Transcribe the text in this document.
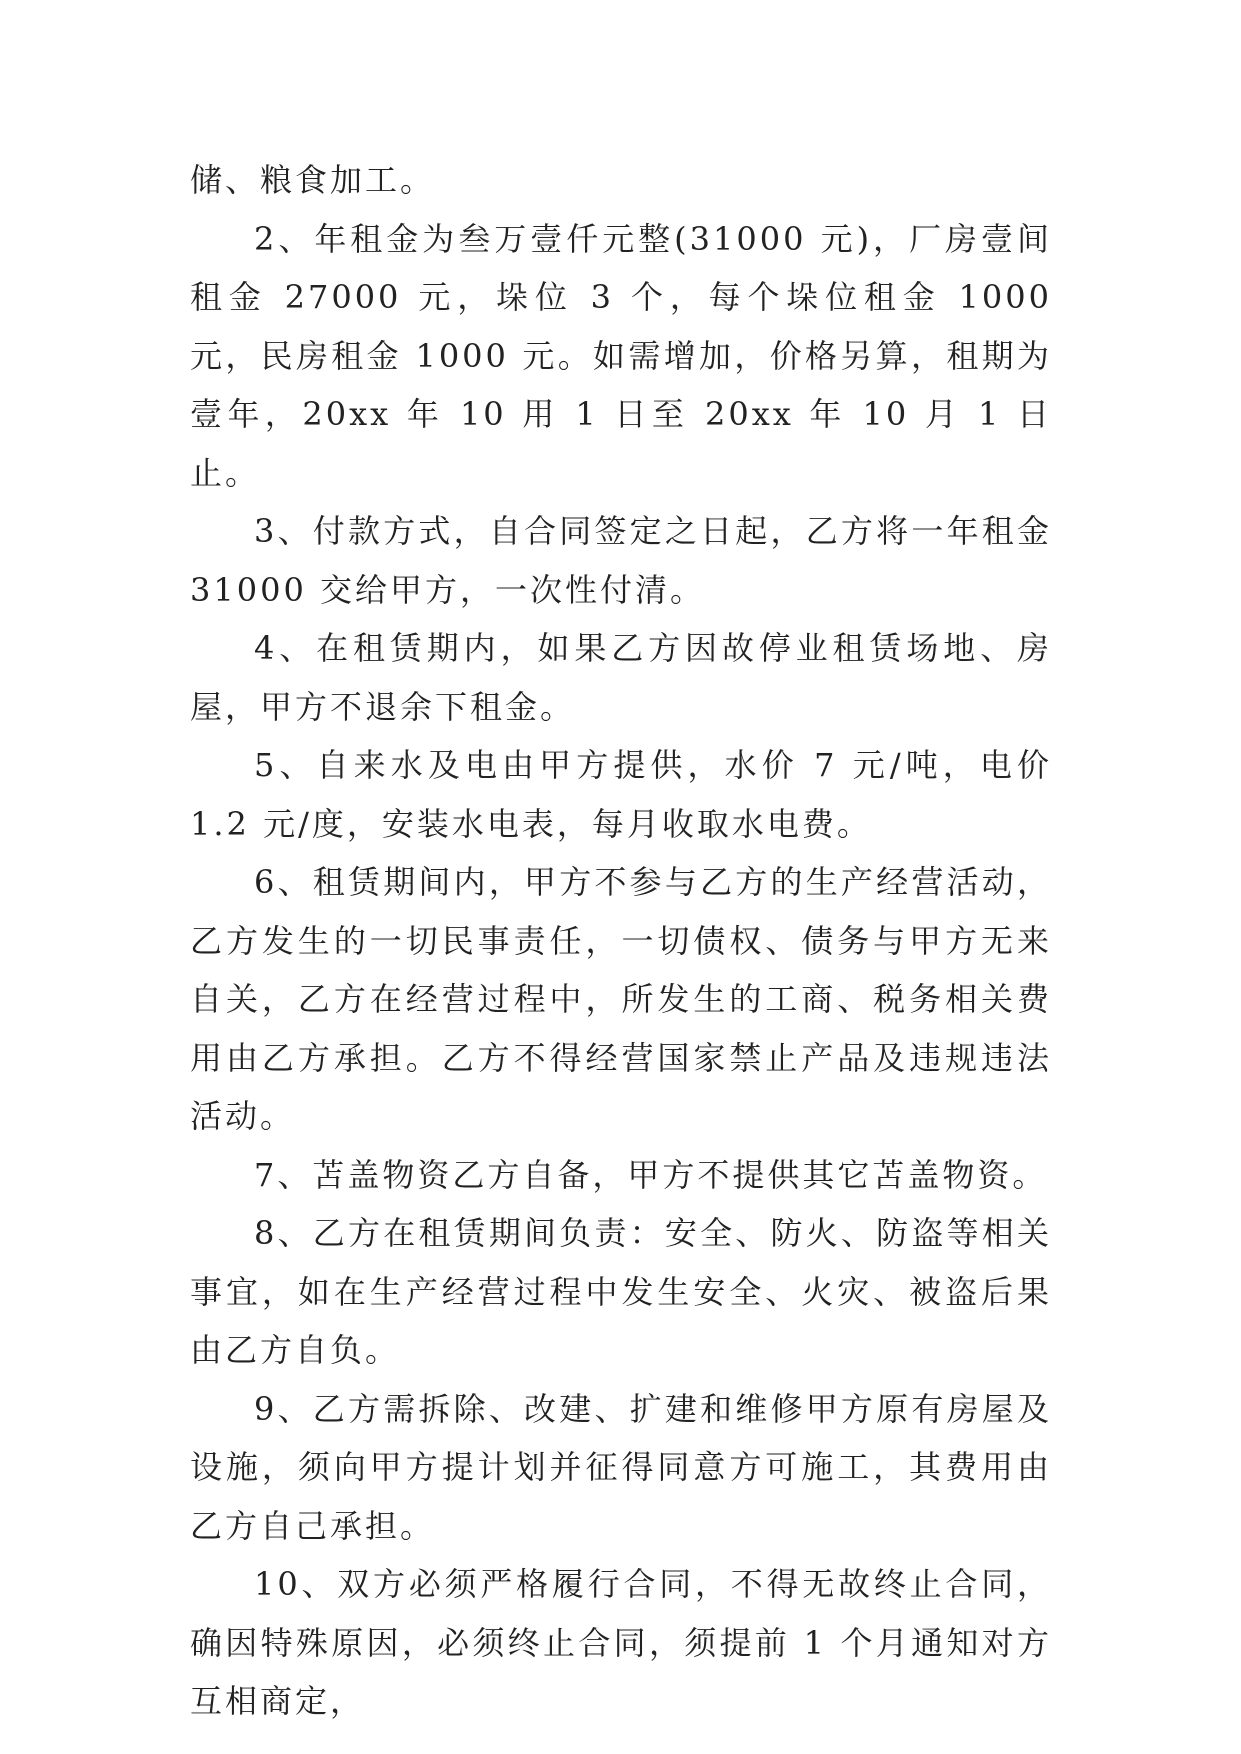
储、粮食加工。

2、年租金为叁万壹仟元整(31000 元)，厂房壹间租金 27000 元，垛位 3 个，每个垛位租金 1000 元，民房租金 1000 元。如需增加，价格另算，租期为壹年，20xx 年 10 用 1 日至 20xx 年 10 月 1 日止。

3、付款方式，自合同签定之日起，乙方将一年租金 31000 交给甲方，一次性付清。

4、在租赁期内，如果乙方因故停业租赁场地、房屋，甲方不退余下租金。

5、自来水及电由甲方提供，水价 7 元/吨，电价 1.2 元/度，安装水电表，每月收取水电费。

6、租赁期间内，甲方不参与乙方的生产经营活动，乙方发生的一切民事责任，一切债权、债务与甲方无来自关，乙方在经营过程中，所发生的工商、税务相关费用由乙方承担。乙方不得经营国家禁止产品及违规违法活动。

7、苫盖物资乙方自备，甲方不提供其它苫盖物资。

8、乙方在租赁期间负责：安全、防火、防盗等相关事宜，如在生产经营过程中发生安全、火灾、被盗后果由乙方自负。

9、乙方需拆除、改建、扩建和维修甲方原有房屋及设施，须向甲方提计划并征得同意方可施工，其费用由乙方自己承担。

10、双方必须严格履行合同，不得无故终止合同，确因特殊原因，必须终止合同，须提前 1 个月通知对方互相商定，
